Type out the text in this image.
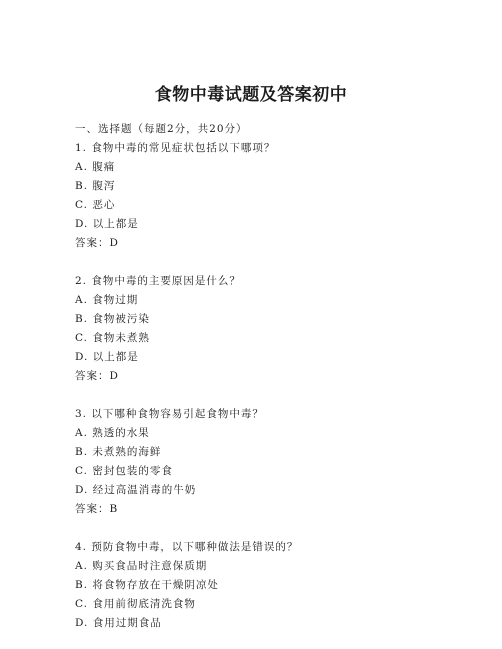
食物中毒试题及答案初中
一、选择题（每题2分，共20分）
1. 食物中毒的常见症状包括以下哪项？
A. 腹痛
B. 腹泻
C. 恶心
D. 以上都是
答案：D
2. 食物中毒的主要原因是什么？
A. 食物过期
B. 食物被污染
C. 食物未煮熟
D. 以上都是
答案：D
3. 以下哪种食物容易引起食物中毒？
A. 熟透的水果
B. 未煮熟的海鲜
C. 密封包装的零食
D. 经过高温消毒的牛奶
答案：B
4. 预防食物中毒，以下哪种做法是错误的？
A. 购买食品时注意保质期
B. 将食物存放在干燥阴凉处
C. 食用前彻底清洗食物
D. 食用过期食品
